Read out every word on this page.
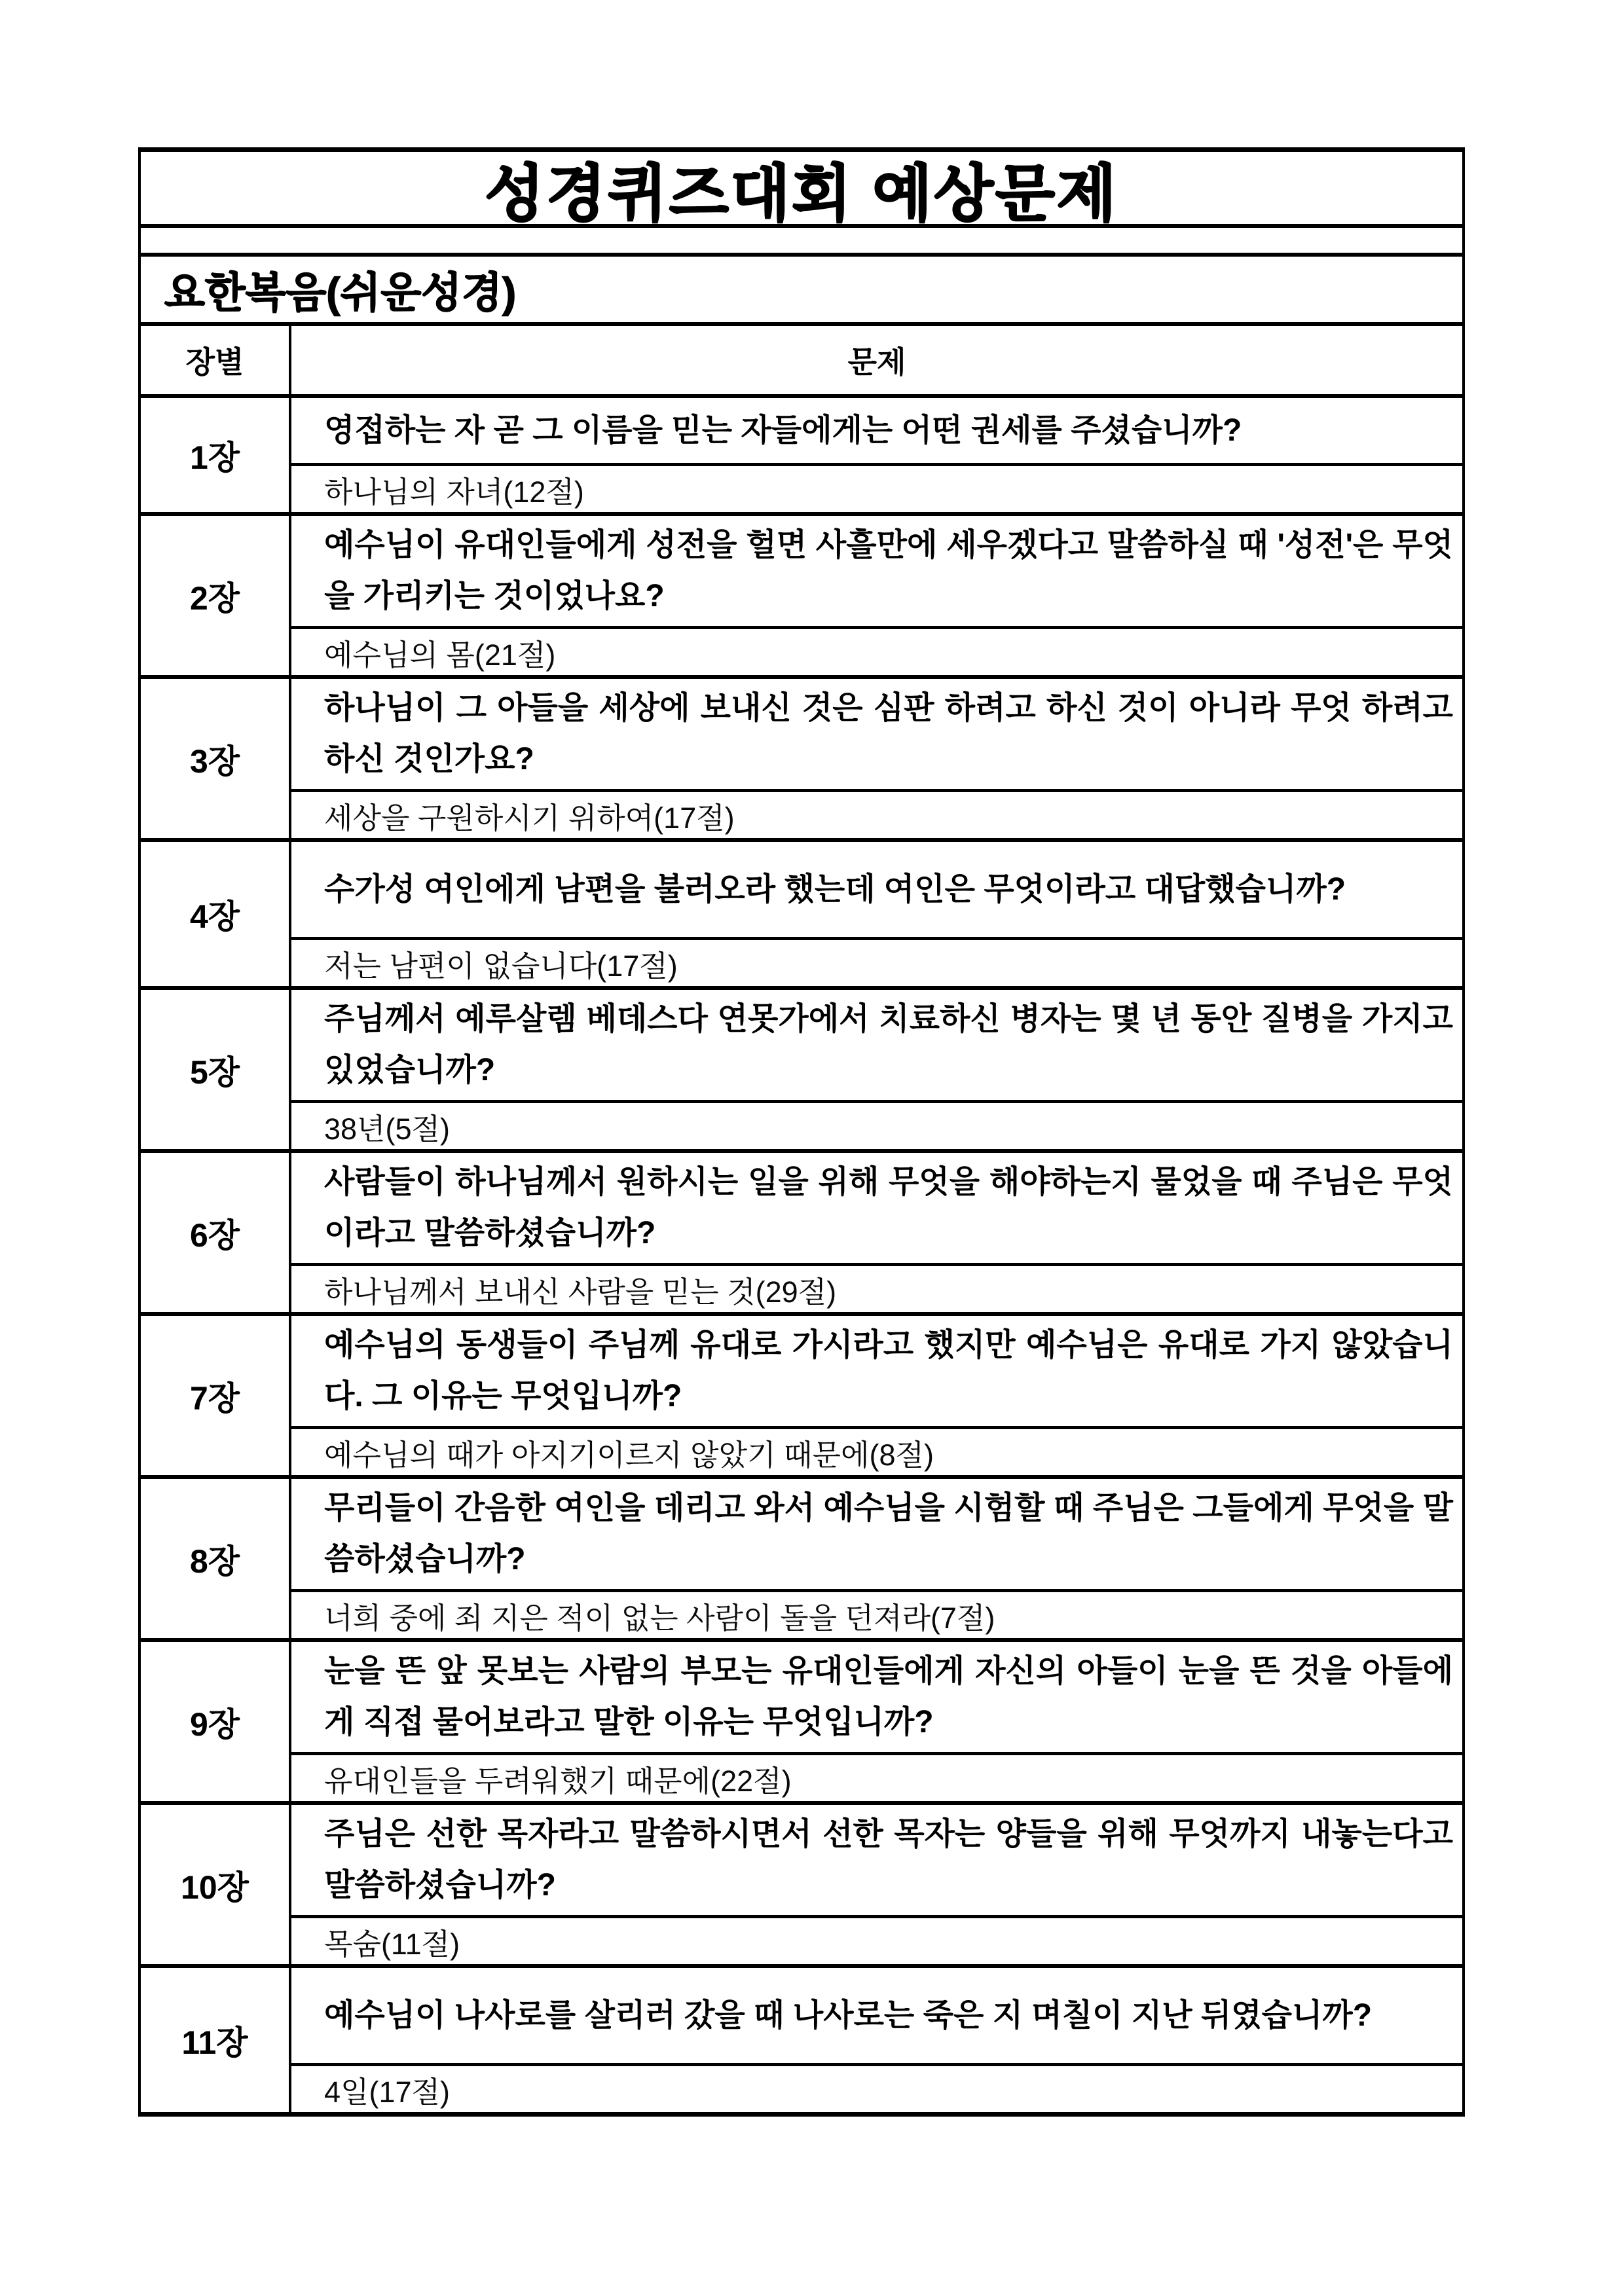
성경퀴즈대회 예상문제
요한복음(쉬운성경)
장별	문제
1장
영접하는 자 곧 그 이름을 믿는 자들에게는 어떤 권세를 주셨습니까?
하나님의 자녀(12절)
2장
예수님이 유대인들에게 성전을 헐면 사흘만에 세우겠다고 말씀하실 때 '성전'은 무엇을 가리키는 것이었나요?
예수님의 몸(21절)
3장
하나님이 그 아들을 세상에 보내신 것은 심판 하려고 하신 것이 아니라 무엇 하려고 하신 것인가요?
세상을 구원하시기 위하여(17절)
4장
수가성 여인에게 남편을 불러오라 했는데 여인은 무엇이라고 대답했습니까?
저는 남편이 없습니다(17절)
5장
주님께서 예루살렘 베데스다 연못가에서 치료하신 병자는 몇 년 동안 질병을 가지고 있었습니까?
38년(5절)
6장
사람들이 하나님께서 원하시는 일을 위해 무엇을 해야하는지 물었을 때 주님은 무엇이라고 말씀하셨습니까?
하나님께서 보내신 사람을 믿는 것(29절)
7장
예수님의 동생들이 주님께 유대로 가시라고 했지만 예수님은 유대로 가지 않았습니다. 그 이유는 무엇입니까?
예수님의 때가 아지기이르지 않았기 때문에(8절)
8장
무리들이 간음한 여인을 데리고 와서 예수님을 시험할 때 주님은 그들에게 무엇을 말씀하셨습니까?
너희 중에 죄 지은 적이 없는 사람이 돌을 던져라(7절)
9장
눈을 뜬 앞 못보는 사람의 부모는 유대인들에게 자신의 아들이 눈을 뜬 것을 아들에게 직접 물어보라고 말한 이유는 무엇입니까?
유대인들을 두려워했기 때문에(22절)
10장
주님은 선한 목자라고 말씀하시면서 선한 목자는 양들을 위해 무엇까지 내놓는다고 말씀하셨습니까?
목숨(11절)
11장
예수님이 나사로를 살리러 갔을 때 나사로는 죽은 지 며칠이 지난 뒤였습니까?
4일(17절)
